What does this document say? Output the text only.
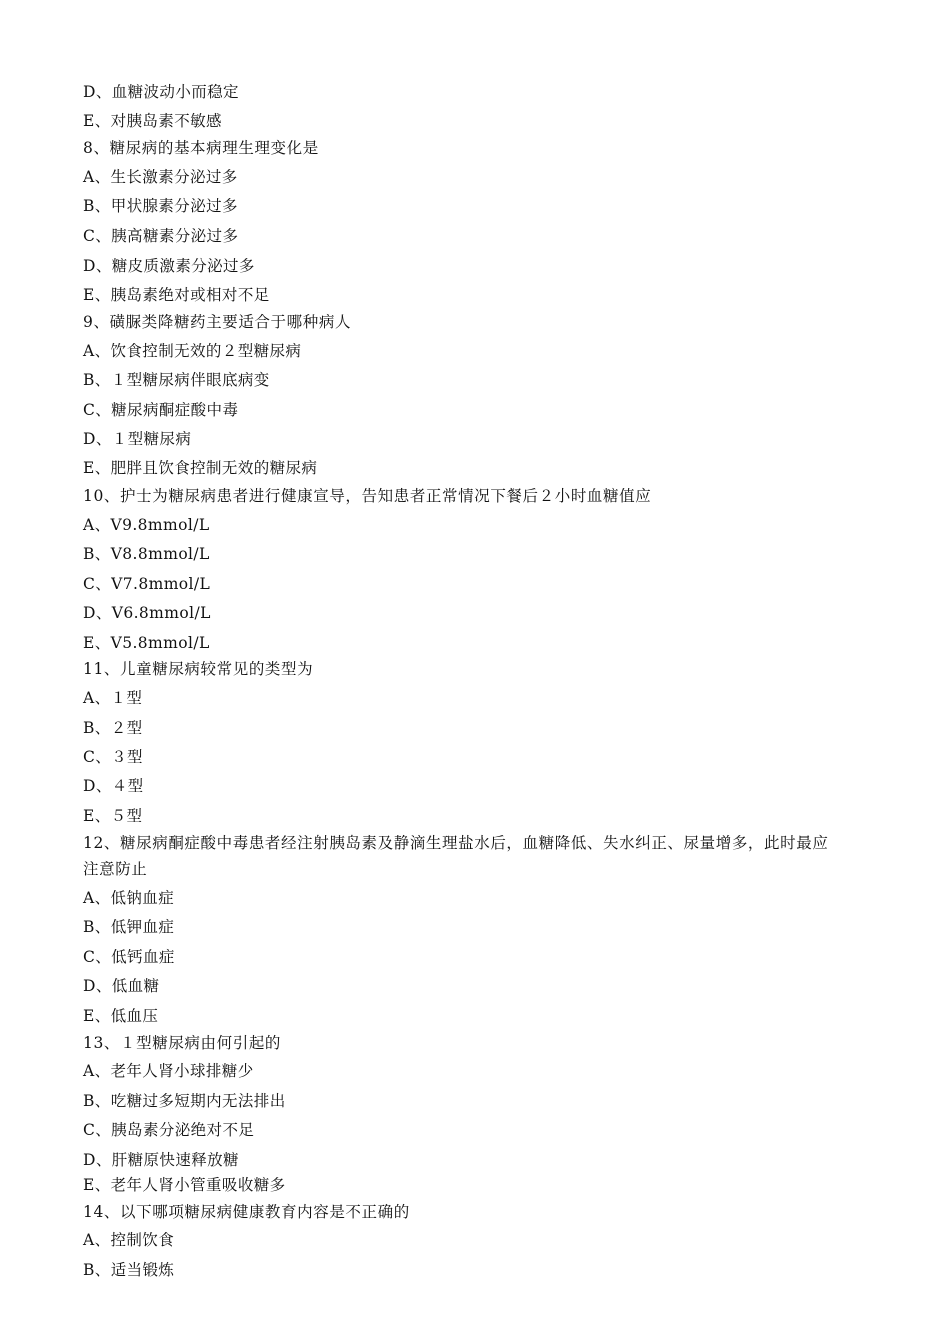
D、血糖波动小而稳定
E、对胰岛素不敏感
8、糖尿病的基本病理生理变化是
A、生长激素分泌过多
B、甲状腺素分泌过多
C、胰高糖素分泌过多
D、糖皮质激素分泌过多
E、胰岛素绝对或相对不足
9、磺脲类降糖药主要适合于哪种病人
A、饮食控制无效的２型糖尿病
B、１型糖尿病伴眼底病变
C、糖尿病酮症酸中毒
D、１型糖尿病
E、肥胖且饮食控制无效的糖尿病
10、护士为糖尿病患者进行健康宣导，告知患者正常情况下餐后２小时血糖值应
A、V9.8mmol/L
B、V8.8mmol/L
C、V7.8mmol/L
D、V6.8mmol/L
E、V5.8mmol/L
11、儿童糖尿病较常见的类型为
A、１型
B、２型
C、３型
D、４型
E、５型
12、糖尿病酮症酸中毒患者经注射胰岛素及静滴生理盐水后，血糖降低、失水纠正、尿量增多，此时最应
注意防止
A、低钠血症
B、低钾血症
C、低钙血症
D、低血糖
E、低血压
13、１型糖尿病由何引起的
A、老年人肾小球排糖少
B、吃糖过多短期内无法排出
C、胰岛素分泌绝对不足
D、肝糖原快速释放糖
E、老年人肾小管重吸收糖多
14、以下哪项糖尿病健康教育内容是不正确的
A、控制饮食
B、适当锻炼
